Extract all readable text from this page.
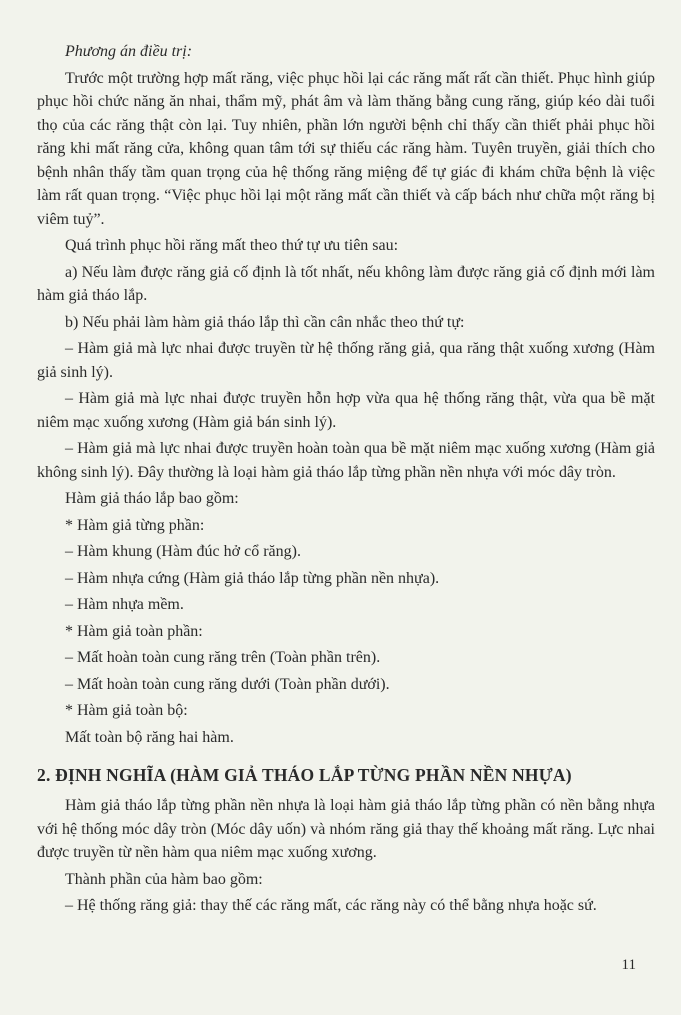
Phương án điều trị:

Trước một trường hợp mất răng, việc phục hồi lại các răng mất rất cần thiết. Phục hình giúp phục hồi chức năng ăn nhai, thẩm mỹ, phát âm và làm thăng bằng cung răng, giúp kéo dài tuổi thọ của các răng thật còn lại. Tuy nhiên, phần lớn người bệnh chỉ thấy cần thiết phải phục hồi răng khi mất răng cửa, không quan tâm tới sự thiếu các răng hàm. Tuyên truyền, giải thích cho bệnh nhân thấy tầm quan trọng của hệ thống răng miệng để tự giác đi khám chữa bệnh là việc làm rất quan trọng. “Việc phục hồi lại một răng mất cần thiết và cấp bách như chữa một răng bị viêm tuỷ”.

Quá trình phục hồi răng mất theo thứ tự ưu tiên sau:

a) Nếu làm được răng giả cố định là tốt nhất, nếu không làm được răng giả cố định mới làm hàm giả tháo lắp.

b) Nếu phải làm hàm giả tháo lắp thì cần cân nhắc theo thứ tự:

– Hàm giả mà lực nhai được truyền từ hệ thống răng giả, qua răng thật xuống xương (Hàm giả sinh lý).

– Hàm giả mà lực nhai được truyền hỗn hợp vừa qua hệ thống răng thật, vừa qua bề mặt niêm mạc xuống xương (Hàm giả bán sinh lý).

– Hàm giả mà lực nhai được truyền hoàn toàn qua bề mặt niêm mạc xuống xương (Hàm giả không sinh lý). Đây thường là loại hàm giả tháo lắp từng phần nền nhựa với móc dây tròn.

Hàm giả tháo lắp bao gồm:

* Hàm giả từng phần:

– Hàm khung (Hàm đúc hở cổ răng).

– Hàm nhựa cứng (Hàm giả tháo lắp từng phần nền nhựa).

– Hàm nhựa mềm.

* Hàm giả toàn phần:

– Mất hoàn toàn cung răng trên (Toàn phần trên).

– Mất hoàn toàn cung răng dưới (Toàn phần dưới).

* Hàm giả toàn bộ:

Mất toàn bộ răng hai hàm.

2. ĐỊNH NGHĨA (HÀM GIẢ THÁO LẮP TỪNG PHẦN NỀN NHỰA)

Hàm giả tháo lắp từng phần nền nhựa là loại hàm giả tháo lắp từng phần có nền bằng nhựa với hệ thống móc dây tròn (Móc dây uốn) và nhóm răng giả thay thế khoảng mất răng. Lực nhai được truyền từ nền hàm qua niêm mạc xuống xương.

Thành phần của hàm bao gồm:

– Hệ thống răng giả: thay thế các răng mất, các răng này có thể bằng nhựa hoặc sứ.

11
